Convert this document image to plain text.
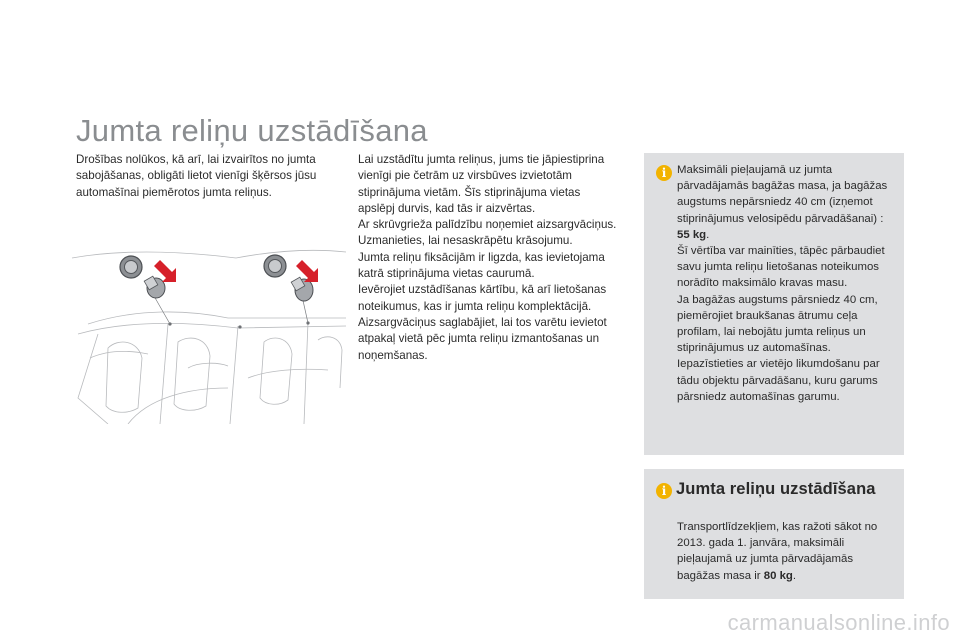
Jumta reliņu uzstādīšana

Drošības nolūkos, kā arī, lai izvairītos no jumta sabojāšanas, obligāti lietot vienīgi šķērsos jūsu automašīnai piemērotos jumta reliņus.

Lai uzstādītu jumta reliņus, jums tie jāpiestiprina vienīgi pie četrām uz virsbūves izvietotām stiprinājuma vietām. Šīs stiprinājuma vietas apslēpj durvis, kad tās ir aizvērtas.

Ar skrūvgrieža palīdzību noņemiet aizsargvāciņus. Uzmanieties, lai nesaskrāpētu krāsojumu.

Jumta reliņu fiksācijām ir ligzda, kas ievietojama katrā stiprinājuma vietas caurumā.

Ievērojiet uzstādīšanas kārtību, kā arī lietošanas noteikumus, kas ir jumta reliņu komplektācijā.

Aizsargvāciņus saglabājiet, lai tos varētu ievietot atpakaļ vietā pēc jumta reliņu izmantošanas un noņemšanas.

i Maksimāli pieļaujamā uz jumta pārvadājamās bagāžas masa, ja bagāžas augstums nepārsniedz 40 cm (izņemot stiprinājumus velosipēdu pārvadāšanai) : 55 kg.

Šī vērtība var mainīties, tāpēc pārbaudiet savu jumta reliņu lietošanas noteikumos norādīto maksimālo kravas masu.

Ja bagāžas augstums pārsniedz 40 cm, piemērojiet braukšanas ātrumu ceļa profilam, lai nebojātu jumta reliņus un stiprinājumus uz automašīnas.

Iepazīstieties ar vietējo likumdošanu par tādu objektu pārvadāšanu, kuru garums pārsniedz automašīnas garumu.

i Jumta reliņu uzstādīšana

Transportlīdzekļiem, kas ražoti sākot no 2013. gada 1. janvāra, maksimāli pieļaujamā uz jumta pārvadājamās bagāžas masa ir 80 kg.

carmanualsonline.info
